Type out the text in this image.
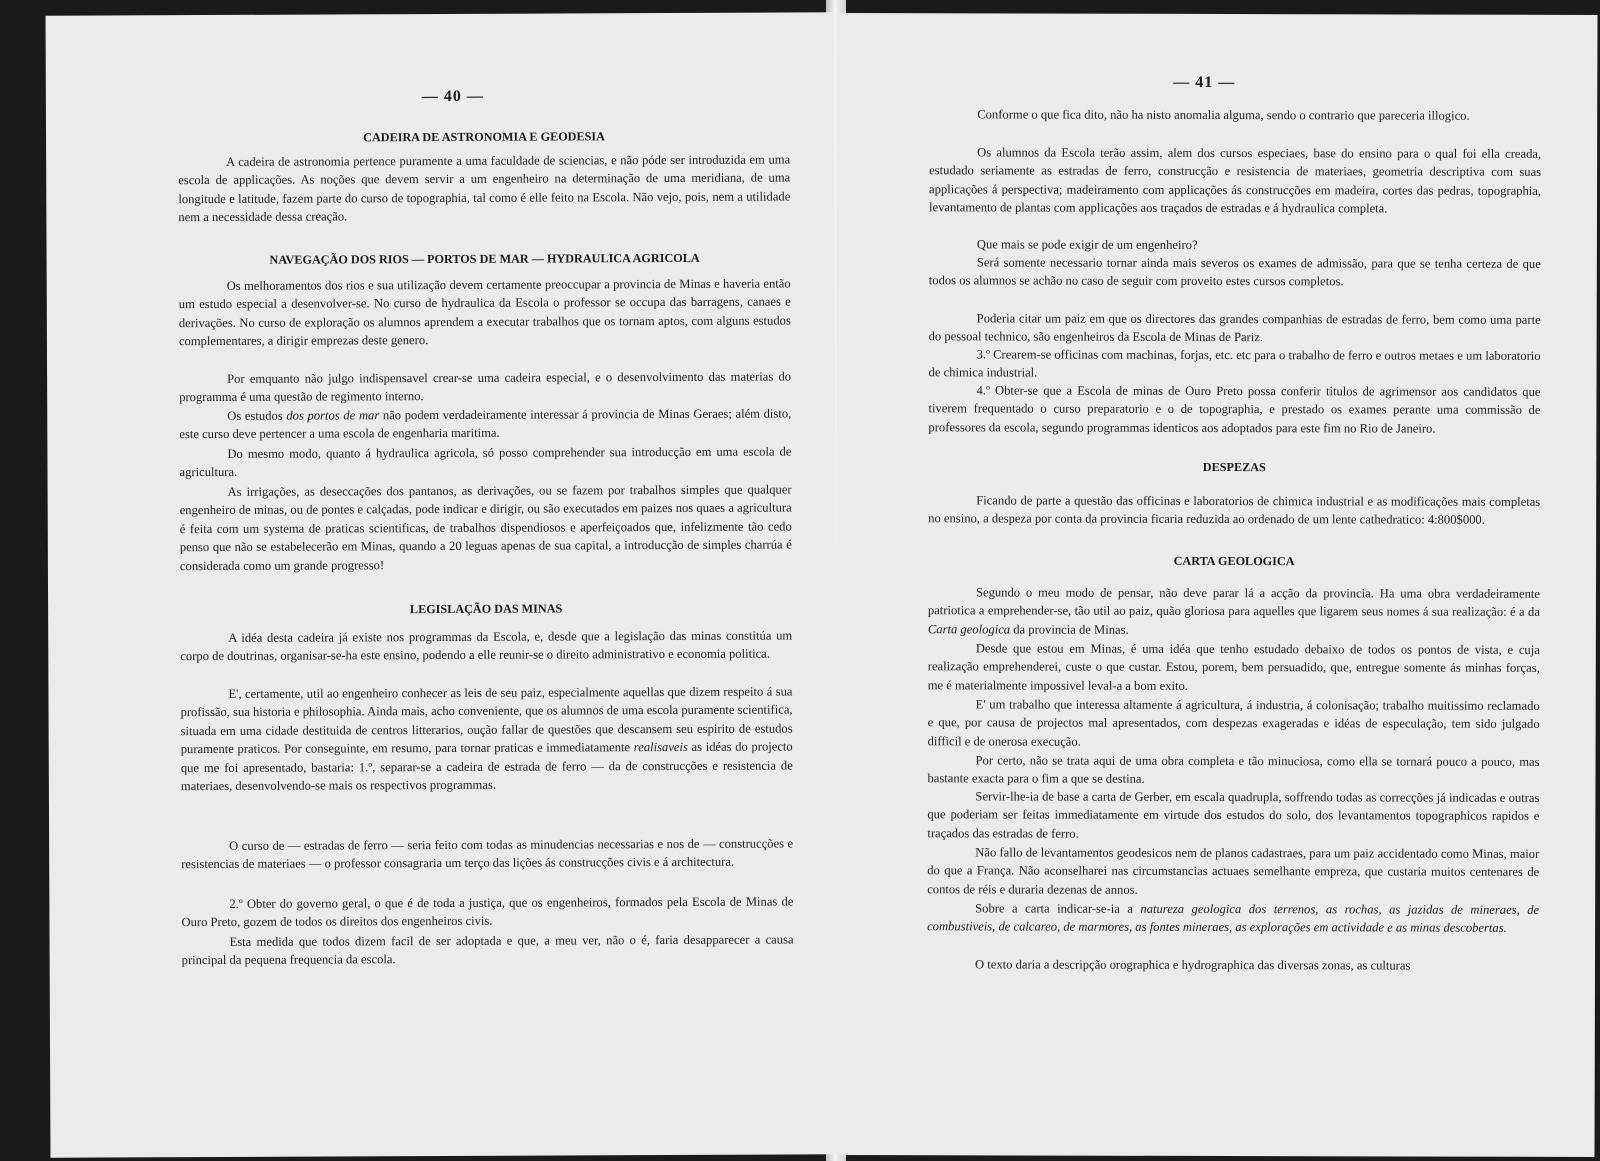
— 40 —
CADEIRA DE ASTRONOMIA E GEODESIA

A cadeira de astronomia pertence puramente a uma faculdade de sciencias, e não póde ser introduzida em uma escola de applicações. As noções que devem servir a um engenheiro na determinação de uma meridiana, de uma longitude e latitude, fazem parte do curso de topographia, tal como é elle feito na Escola. Não vejo, pois, nem a utilidade nem a necessidade dessa creação.

NAVEGAÇÃO DOS RIOS — PORTOS DE MAR — HYDRAULICA AGRICOLA

Os melhoramentos dos rios e sua utilização devem certamente preoccupar a provincia de Minas e haveria então um estudo especial a desenvolver-se. No curso de hydraulica da Escola o professor se occupa das barragens, canaes e derivações. No curso de exploração os alumnos aprendem a executar trabalhos que os tornam aptos, com alguns estudos complementares, a dirigir emprezas deste genero.

Por emquanto não julgo indispensavel crear-se uma cadeira especial, e o desenvolvimento das materias do programma é uma questão de regimento interno.

Os estudos dos portos de mar não podem verdadeiramente interessar á provincia de Minas Geraes; além disto, este curso deve pertencer a uma escola de engenharia maritima.

Do mesmo modo, quanto á hydraulica agricola, só posso comprehender sua introducção em uma escola de agricultura.

As irrigações, as deseccações dos pantanos, as derivações, ou se fazem por trabalhos simples que qualquer engenheiro de minas, ou de pontes e calçadas, pode indicar e dirigir, ou são executados em paizes nos quaes a agricultura é feita com um systema de praticas scientificas, de trabalhos dispendiosos e aperfeiçoados que, infelizmente tão cedo penso que não se estabelecerão em Minas, quando a 20 leguas apenas de sua capital, a introducção de simples charrúa é considerada como um grande progresso!

LEGISLAÇÃO DAS MINAS

A idéa desta cadeira já existe nos programmas da Escola, e, desde que a legislação das minas constitúa um corpo de doutrinas, organisar-se-ha este ensino, podendo a elle reunir-se o direito administrativo e economia politica.

E', certamente, util ao engenheiro conhecer as leis de seu paiz, especialmente aquellas que dizem respeito á sua profissão, sua historia e philosophia. Ainda mais, acho conveniente, que os alumnos de uma escola puramente scientifica, situada em uma cidade destituida de centros litterarios, oução fallar de questões que descansem seu espirito de estudos puramente praticos. Por conseguinte, em resumo, para tornar praticas e immediatamente realisaveis as idéas do projecto que me foi apresentado, bastaria: 1.º, separar-se a cadeira de estrada de ferro — da de construcções e resistencia de materiaes, desenvolvendo-se mais os respectivos programmas.

O curso de — estradas de ferro — seria feito com todas as minudencias necessarias e nos de — construcções e resistencias de materiaes — o professor consagraria um terço das lições ás construcções civis e á architectura.

2.º Obter do governo geral, o que é de toda a justiça, que os engenheiros, formados pela Escola de Minas de Ouro Preto, gozem de todos os direitos dos engenheiros civis.

Esta medida que todos dizem facil de ser adoptada e que, a meu ver, não o é, faria desapparecer a causa principal da pequena frequencia da escola.

— 41 —

Conforme o que fica dito, não ha nisto anomalia alguma, sendo o contrario que pareceria illogico.

Os alumnos da Escola terão assim, alem dos cursos especiaes, base do ensino para o qual foi ella creada, estudado seriamente as estradas de ferro, construcção e resistencia de materiaes, geometria descriptiva com suas applicações á perspectiva; madeiramento com applicações ás construcções em madeira, cortes das pedras, topographia, levantamento de plantas com applicações aos traçados de estradas e á hydraulica completa.

Que mais se pode exigir de um engenheiro?

Será somente necessario tornar ainda mais severos os exames de admissão, para que se tenha certeza de que todos os alumnos se achão no caso de seguir com proveito estes cursos completos.

Poderia citar um paiz em que os directores das grandes companhias de estradas de ferro, bem como uma parte do pessoal technico, são engenheiros da Escola de Minas de Pariz.

3.º Crearem-se officinas com machinas, forjas, etc. etc para o trabalho de ferro e outros metaes e um laboratorio de chimica industrial.

4.º Obter-se que a Escola de minas de Ouro Preto possa conferir titulos de agrimensor aos candidatos que tiverem frequentado o curso preparatorio e o de topographia, e prestado os exames perante uma commissão de professores da escola, segundo programmas identicos aos adoptados para este fim no Rio de Janeiro.

DESPEZAS

Ficando de parte a questão das officinas e laboratorios de chimica industrial e as modificações mais completas no ensino, a despeza por conta da provincia ficaria reduzida ao ordenado de um lente cathedratico: 4:800$000.

CARTA GEOLOGICA

Segundo o meu modo de pensar, não deve parar lá a acção da provincia. Ha uma obra verdadeiramente patriotica a emprehender-se, tão util ao paiz, quão gloriosa para aquelles que ligarem seus nomes á sua realização: é a da Carta geologica da provincia de Minas.

Desde que estou em Minas, é uma idéa que tenho estudado debaixo de todos os pontos de vista, e cuja realização emprehenderei, custe o que custar. Estou, porem, bem persuadido, que, entregue somente ás minhas forças, me é materialmente impossivel leval-a a bom exito.

E' um trabalho que interessa altamente á agricultura, á industria, á colonisação; trabalho muitissimo reclamado e que, por causa de projectos mal apresentados, com despezas exageradas e idéas de especulação, tem sido julgado difficil e de onerosa execução.

Por certo, não se trata aqui de uma obra completa e tão minuciosa, como ella se tornará pouco a pouco, mas bastante exacta para o fim a que se destina.

Servir-lhe-ia de base a carta de Gerber, em escala quadrupla, soffrendo todas as correcções já indicadas e outras que poderiam ser feitas immediatamente em virtude dos estudos do solo, dos levantamentos topographicos rapidos e traçados das estradas de ferro.

Não fallo de levantamentos geodesicos nem de planos cadastraes, para um paiz accidentado como Minas, maior do que a França. Não aconselharei nas circumstancias actuaes semelhante empreza, que custaria muitos centenares de contos de réis e duraria dezenas de annos.

Sobre a carta indicar-se-ia a natureza geologica dos terrenos, as rochas, as jazidas de mineraes, de combustiveis, de calcareo, de marmores, as fontes mineraes, as explorações em actividade e as minas descobertas.

O texto daria a descripção orographica e hydrographica das diversas zonas, as culturas
